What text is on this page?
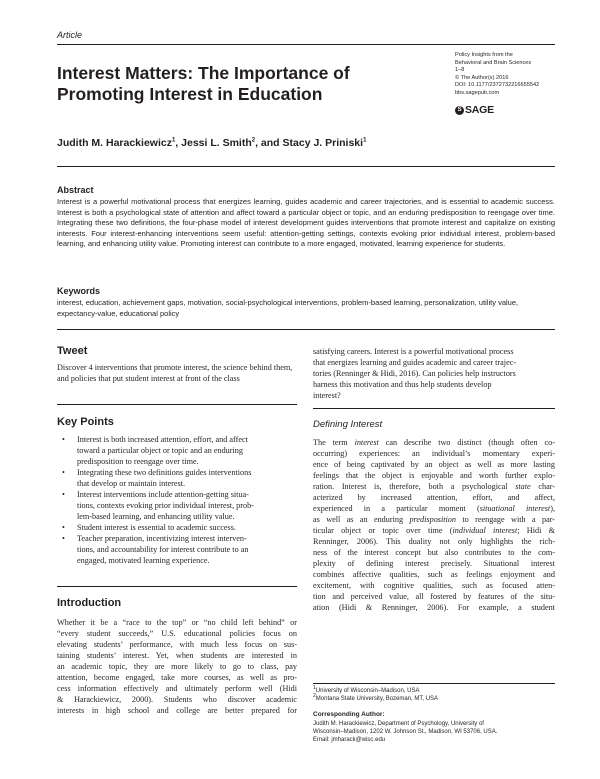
Article
Interest Matters: The Importance of Promoting Interest in Education
Policy Insights from the
Behavioral and Brain Sciences
1–8
© The Author(s) 2016
DOI: 10.1177/2372732216655542
bbs.sagepub.com
S SAGE
Judith M. Harackiewicz$^1$, Jessi L. Smith$^2$, and Stacy J. Priniski$^1$
Abstract
Interest is a powerful motivational process that energizes learning, guides academic and career trajectories, and is essential to academic success. Interest is both a psychological state of attention and affect toward a particular object or topic, and an enduring predisposition to reengage over time. Integrating these two definitions, the four-phase model of interest development guides interventions that promote interest and capitalize on existing interests. Four interest-enhancing interventions seem useful: attention-getting settings, contexts evoking prior individual interest, problem-based learning, and enhancing utility value. Promoting interest can contribute to a more engaged, motivated, learning experience for students.
Keywords
interest, education, achievement gaps, motivation, social-psychological interventions, problem-based learning, personalization, utility value, expectancy-value, educational policy
Tweet
Discover 4 interventions that promote interest, the science behind them, and policies that put student interest at front of the class
Key Points
• Interest is both increased attention, effort, and affect
toward a particular object or topic and an enduring
predisposition to reengage over time.
• Integrating these two definitions guides interventions
that develop or maintain interest.
• Interest interventions include attention-getting situa-
tions, contexts evoking prior individual interest, prob-
lem-based learning, and enhancing utility value.
• Student interest is essential to academic success.
• Teacher preparation, incentivizing interest interven-
tions, and accountability for interest contribute to an
engaged, motivated learning experience.
Introduction
Whether it be a “race to the top” or “no child left behind” or
“every student succeeds,” U.S. educational policies focus on
elevating students’ performance, with much less focus on sus-
taining students’ interest. Yet, when students are interested in
an academic topic, they are more likely to go to class, pay
attention, become engaged, take more courses, as well as pro-
cess information effectively and ultimately perform well (Hidi
& Harackiewicz, 2000). Students who discover academic
interests in high school and college are better prepared for
satisfying careers. Interest is a powerful motivational process
that energizes learning and guides academic and career trajec-
tories (Renninger & Hidi, 2016). Can policies help instructors
harness this motivation and thus help students develop
interest?
Defining Interest
The term interest can describe two distinct (though often co-
occurring) experiences: an individual’s momentary experi-
ence of being captivated by an object as well as more lasting
feelings that the object is enjoyable and worth further explo-
ration. Interest is, therefore, both a psychological state char-
acterized by increased attention, effort, and affect,
experienced in a particular moment (situational interest),
as well as an enduring predisposition to reengage with a par-
ticular object or topic over time (individual interest; Hidi &
Renninger, 2006). This duality not only highlights the rich-
ness of the interest concept but also contributes to the com-
plexity of defining interest precisely. Situational interest
combines affective qualities, such as feelings enjoyment and
excitement, with cognitive qualities, such as focused atten-
tion and perceived value, all fostered by features of the situ-
ation (Hidi & Renninger, 2006). For example, a student
$^1$University of Wisconsin–Madison, USA
$^2$Montana State University, Bozeman, MT, USA
Corresponding Author:
Judith M. Harackiewicz, Department of Psychology, University of
Wisconsin–Madison, 1202 W. Johnson St., Madison, WI 53706, USA.
Email: jmharack@wisc.edu
